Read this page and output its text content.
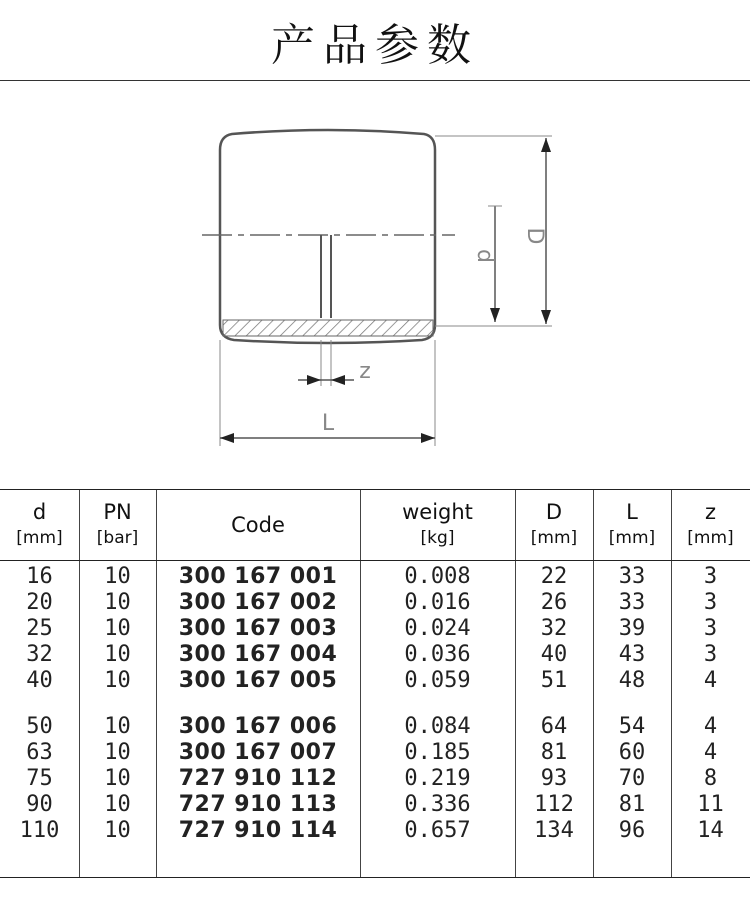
产品参数
D
d
z
L
d
[mm]
PN
[bar]
Code
weight
[kg]
D
[mm]
L
[mm]
z
[mm]
16
20
25
32
40
50
63
75
90
110
10
10
10
10
10
10
10
10
10
10
300 167 001
300 167 002
300 167 003
300 167 004
300 167 005
300 167 006
300 167 007
727 910 112
727 910 113
727 910 114
0.008
0.016
0.024
0.036
0.059
0.084
0.185
0.219
0.336
0.657
22
26
32
40
51
64
81
93
112
134
33
33
39
43
48
54
60
70
81
96
3
3
3
3
4
4
4
8
11
14
